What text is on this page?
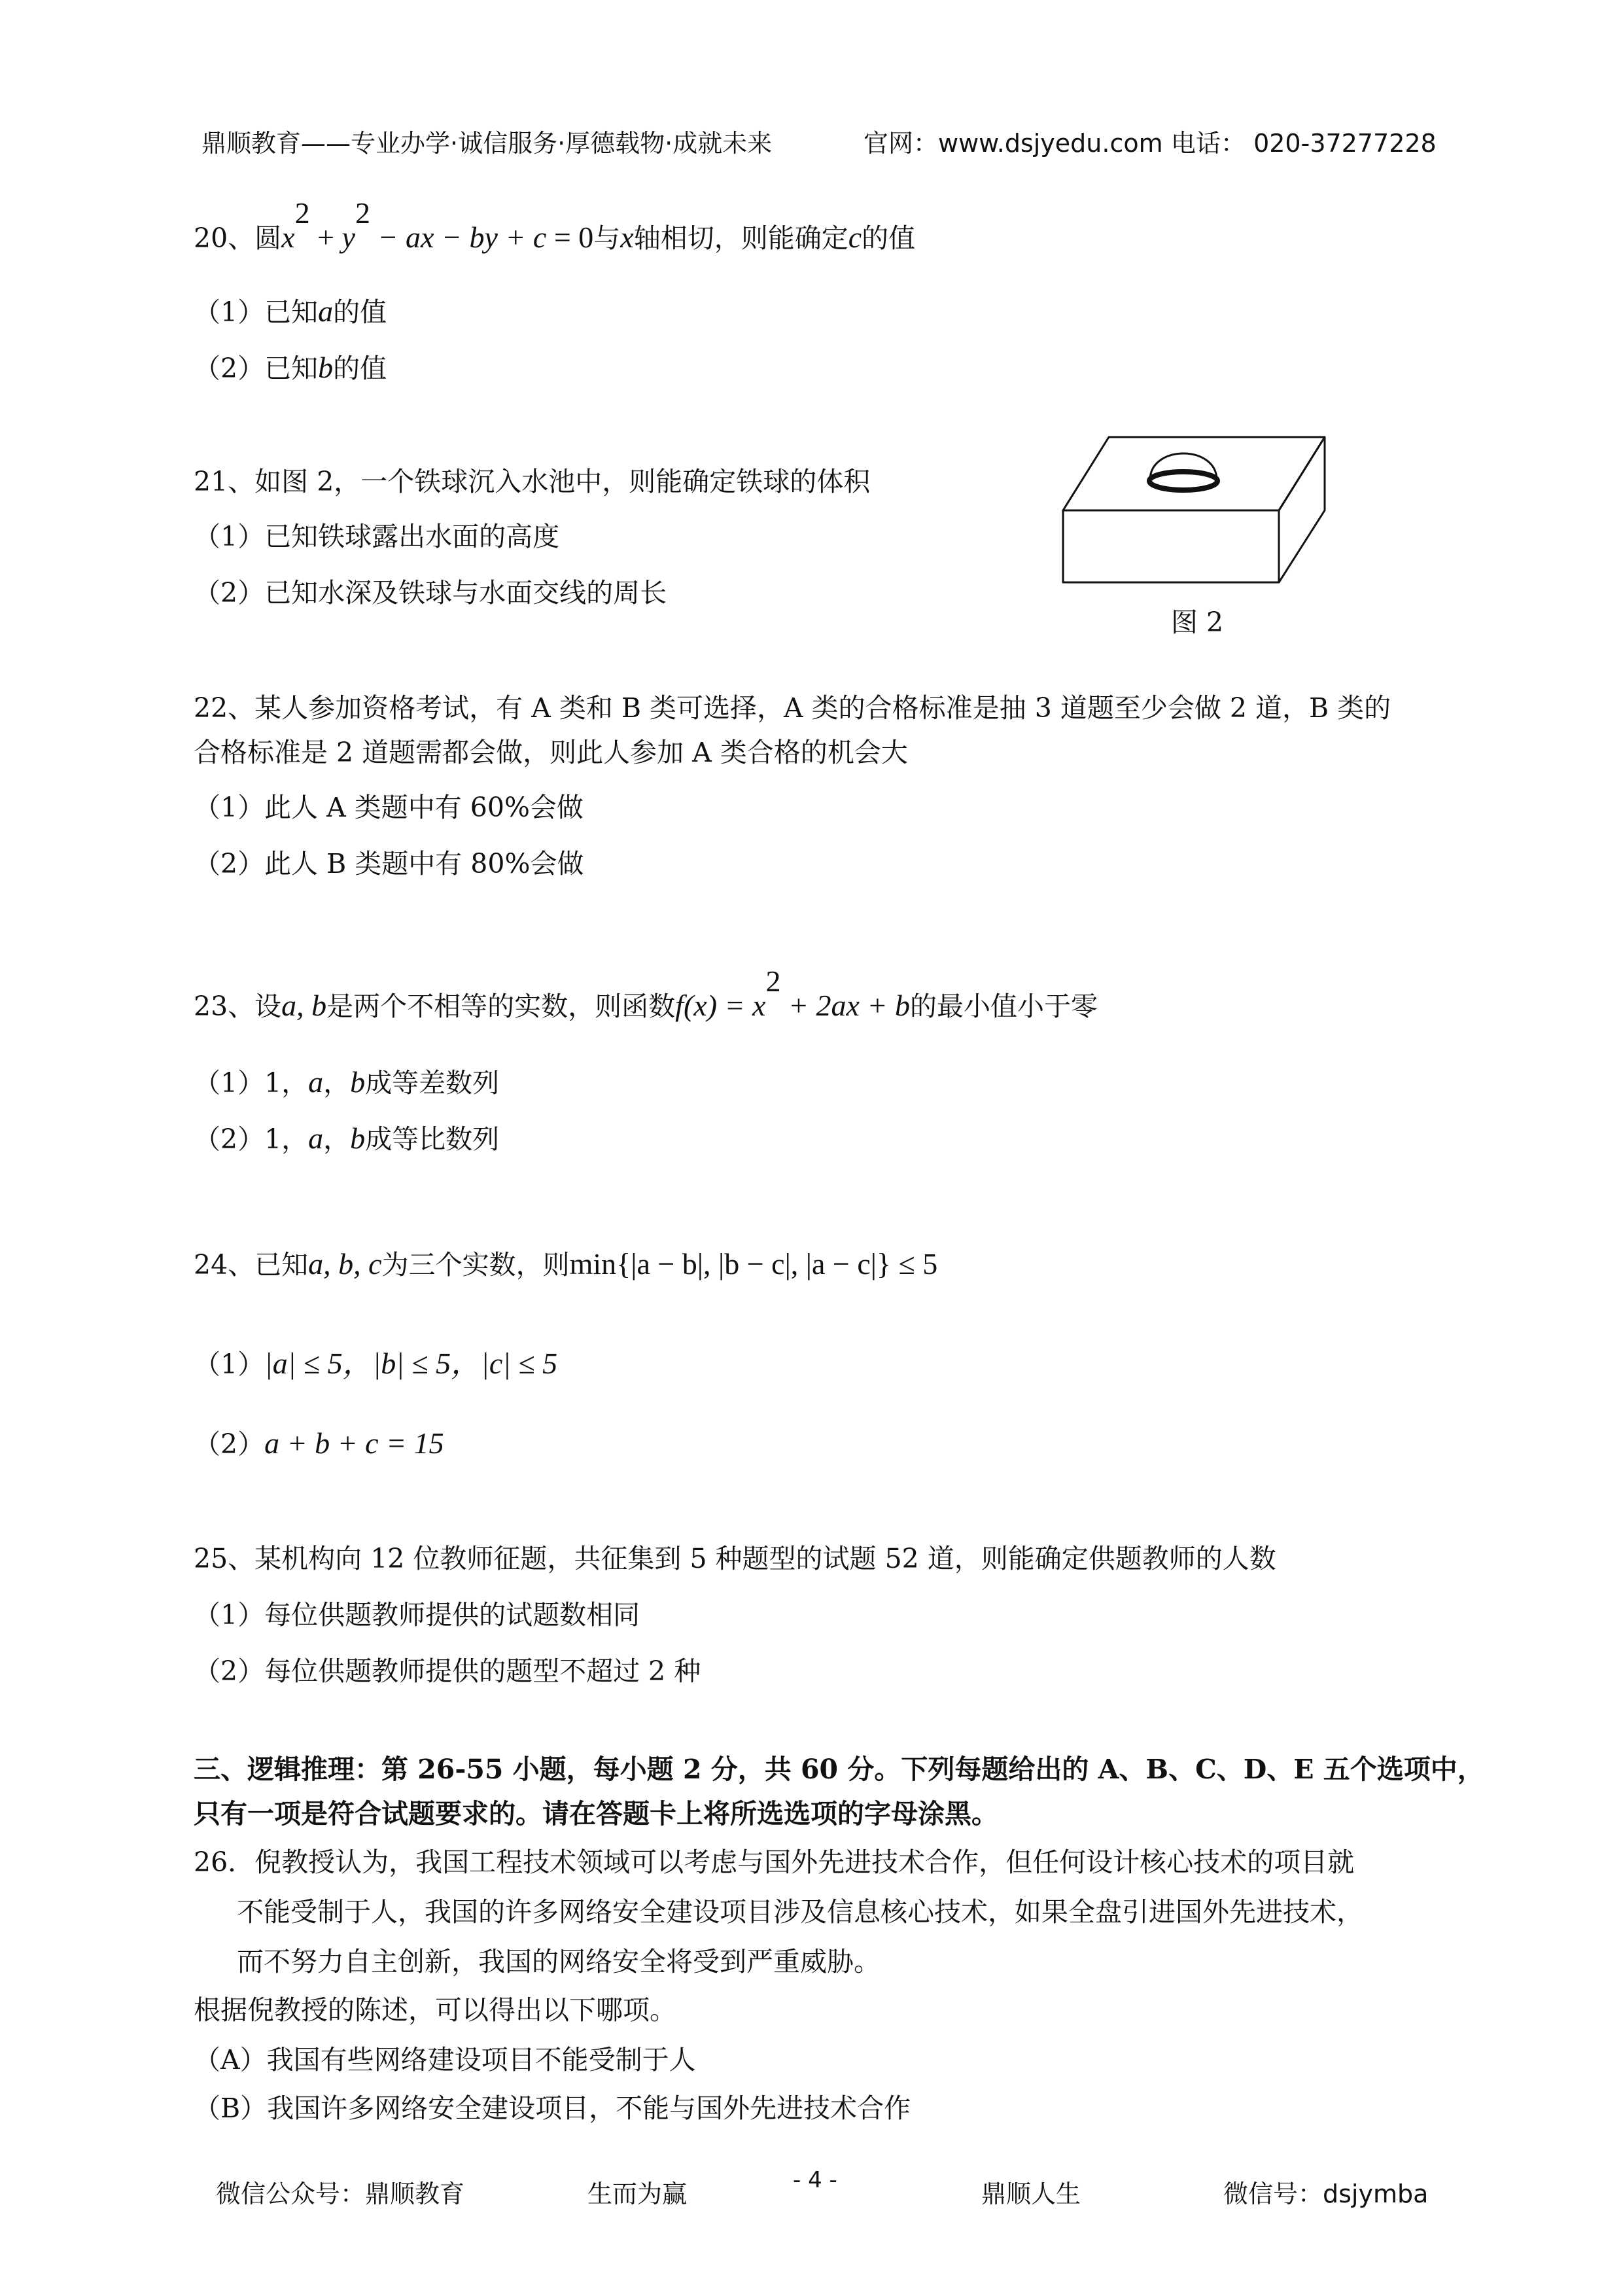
鼎顺教育——专业办学·诚信服务·厚德载物·成就未来	官网：www.dsjyedu.com 电话： 020-37277228
20、圆$x^2 + y^2$ − ax − by + c = 0与x轴相切，则能确定c的值
（1）已知a的值
（2）已知b的值
21、如图 2，一个铁球沉入水池中，则能确定铁球的体积
（1）已知铁球露出水面的高度
（2）已知水深及铁球与水面交线的周长
图 2
22、某人参加资格考试，有 A 类和 B 类可选择，A 类的合格标准是抽 3 道题至少会做 2 道，B 类的
合格标准是 2 道题需都会做，则此人参加 A 类合格的机会大
（1）此人 A 类题中有 60%会做
（2）此人 B 类题中有 80%会做
23、设a, b是两个不相等的实数，则函数$f(x) = x^2 + 2ax + b$的最小值小于零
（1）1，a，b成等差数列
（2）1，a，b成等比数列
24、已知a, b, c为三个实数，则min{|a − b|, |b − c|, |a − c|} ≤ 5
（1）|a| ≤ 5，|b| ≤ 5，|c| ≤ 5
（2）a + b + c = 15
25、某机构向 12 位教师征题，共征集到 5 种题型的试题 52 道，则能确定供题教师的人数
（1）每位供题教师提供的试题数相同
（2）每位供题教师提供的题型不超过 2 种
三、逻辑推理：第 26-55 小题，每小题 2 分，共 60 分。下列每题给出的 A、B、C、D、E 五个选项中，
只有一项是符合试题要求的。请在答题卡上将所选选项的字母涂黑。
26．倪教授认为，我国工程技术领域可以考虑与国外先进技术合作，但任何设计核心技术的项目就
不能受制于人，我国的许多网络安全建设项目涉及信息核心技术，如果全盘引进国外先进技术，
而不努力自主创新，我国的网络安全将受到严重威胁。
根据倪教授的陈述，可以得出以下哪项。
（A）我国有些网络建设项目不能受制于人
（B）我国许多网络安全建设项目，不能与国外先进技术合作
微信公众号：鼎顺教育	生而为赢	- 4 -	鼎顺人生	微信号：dsjymba
